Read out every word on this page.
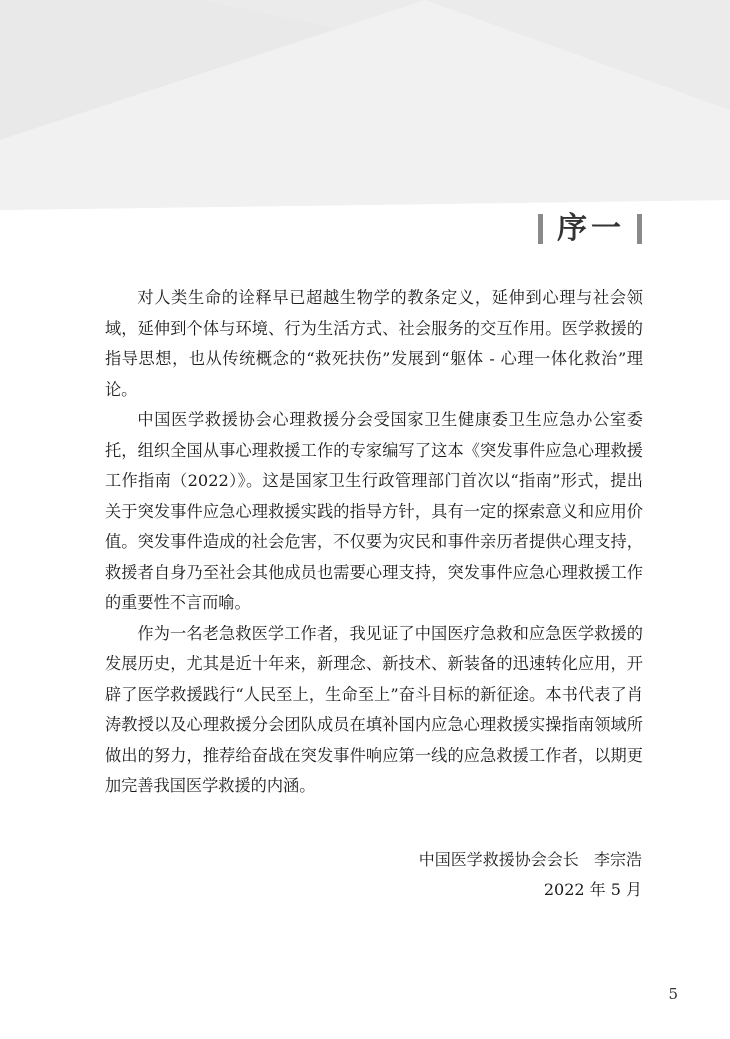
序一

对人类生命的诠释早已超越生物学的教条定义，延伸到心理与社会领域，延伸到个体与环境、行为生活方式、社会服务的交互作用。医学救援的指导思想，也从传统概念的“救死扶伤”发展到“躯体 - 心理一体化救治”理论。

中国医学救援协会心理救援分会受国家卫生健康委卫生应急办公室委托，组织全国从事心理救援工作的专家编写了这本《突发事件应急心理救援工作指南（2022）》。这是国家卫生行政管理部门首次以“指南”形式，提出关于突发事件应急心理救援实践的指导方针，具有一定的探索意义和应用价值。突发事件造成的社会危害，不仅要为灾民和事件亲历者提供心理支持，救援者自身乃至社会其他成员也需要心理支持，突发事件应急心理救援工作的重要性不言而喻。

作为一名老急救医学工作者，我见证了中国医疗急救和应急医学救援的发展历史，尤其是近十年来，新理念、新技术、新装备的迅速转化应用，开辟了医学救援践行“人民至上，生命至上”奋斗目标的新征途。本书代表了肖涛教授以及心理救援分会团队成员在填补国内应急心理救援实操指南领域所做出的努力，推荐给奋战在突发事件响应第一线的应急救援工作者，以期更加完善我国医学救援的内涵。

中国医学救援协会会长 李宗浩
2022 年 5 月
5
